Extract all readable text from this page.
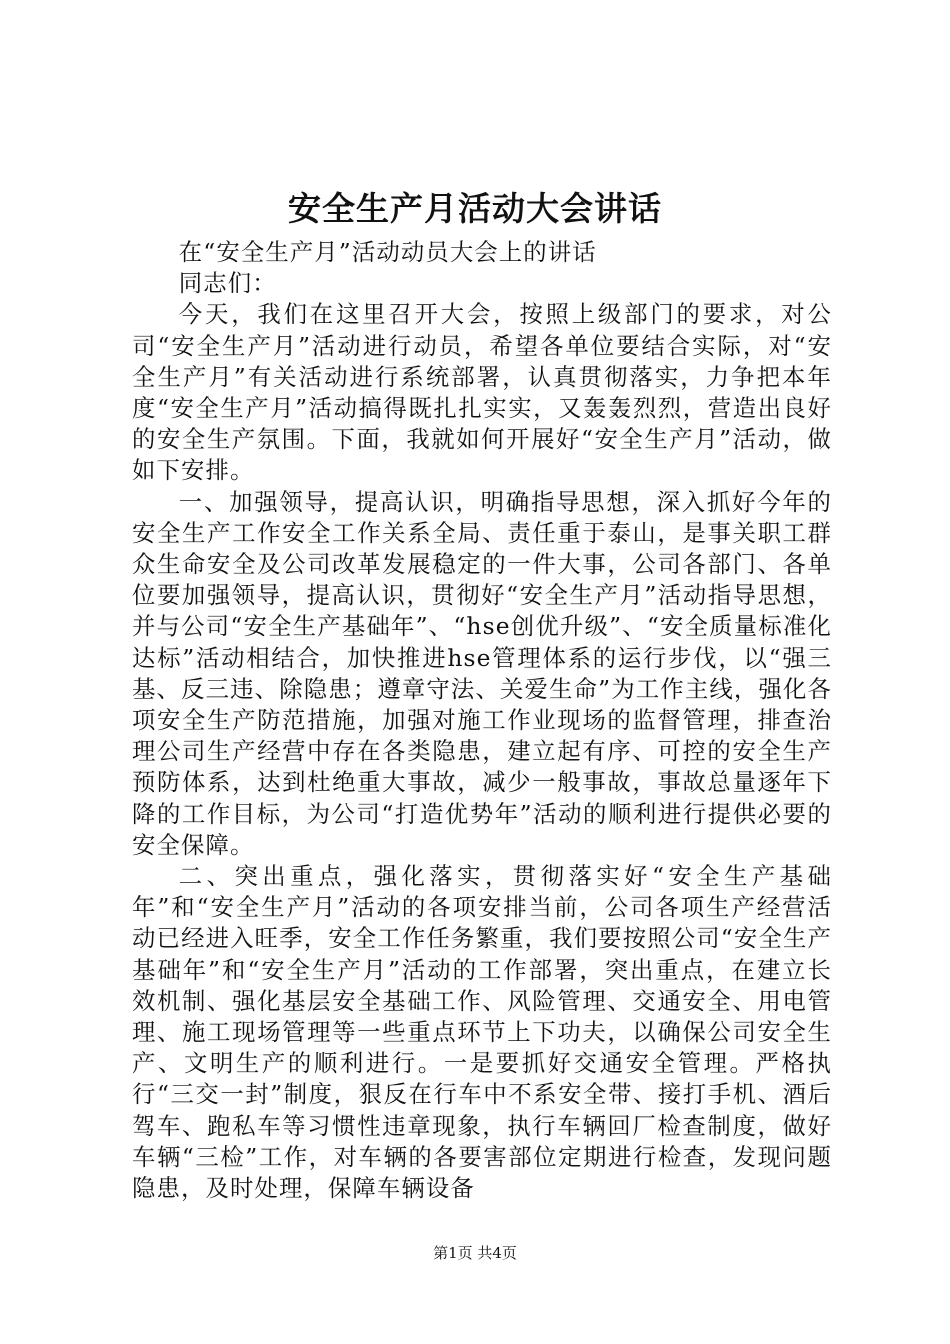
安全生产月活动大会讲话

在“安全生产月”活动动员大会上的讲话

同志们：

今天，我们在这里召开大会，按照上级部门的要求，对公司“安全生产月”活动进行动员，希望各单位要结合实际，对“安全生产月”有关活动进行系统部署，认真贯彻落实，力争把本年度“安全生产月”活动搞得既扎扎实实，又轰轰烈烈，营造出良好的安全生产氛围。下面，我就如何开展好“安全生产月”活动，做如下安排。

一、加强领导，提高认识，明确指导思想，深入抓好今年的安全生产工作安全工作关系全局、责任重于泰山，是事关职工群众生命安全及公司改革发展稳定的一件大事，公司各部门、各单位要加强领导，提高认识，贯彻好“安全生产月”活动指导思想，并与公司“安全生产基础年”、“hse创优升级”、“安全质量标准化达标”活动相结合，加快推进hse管理体系的运行步伐，以“强三基、反三违、除隐患；遵章守法、关爱生命”为工作主线，强化各项安全生产防范措施，加强对施工作业现场的监督管理，排查治理公司生产经营中存在各类隐患，建立起有序、可控的安全生产预防体系，达到杜绝重大事故，减少一般事故，事故总量逐年下降的工作目标，为公司“打造优势年”活动的顺利进行提供必要的安全保障。

二、突出重点，强化落实，贯彻落实好“安全生产基础年”和“安全生产月”活动的各项安排当前，公司各项生产经营活动已经进入旺季，安全工作任务繁重，我们要按照公司“安全生产基础年”和“安全生产月”活动的工作部署，突出重点，在建立长效机制、强化基层安全基础工作、风险管理、交通安全、用电管理、施工现场管理等一些重点环节上下功夫，以确保公司安全生产、文明生产的顺利进行。一是要抓好交通安全管理。严格执行“三交一封”制度，狠反在行车中不系安全带、接打手机、酒后驾车、跑私车等习惯性违章现象，执行车辆回厂检查制度，做好车辆“三检”工作，对车辆的各要害部位定期进行检查，发现问题隐患，及时处理，保障车辆设备

第1页 共4页
